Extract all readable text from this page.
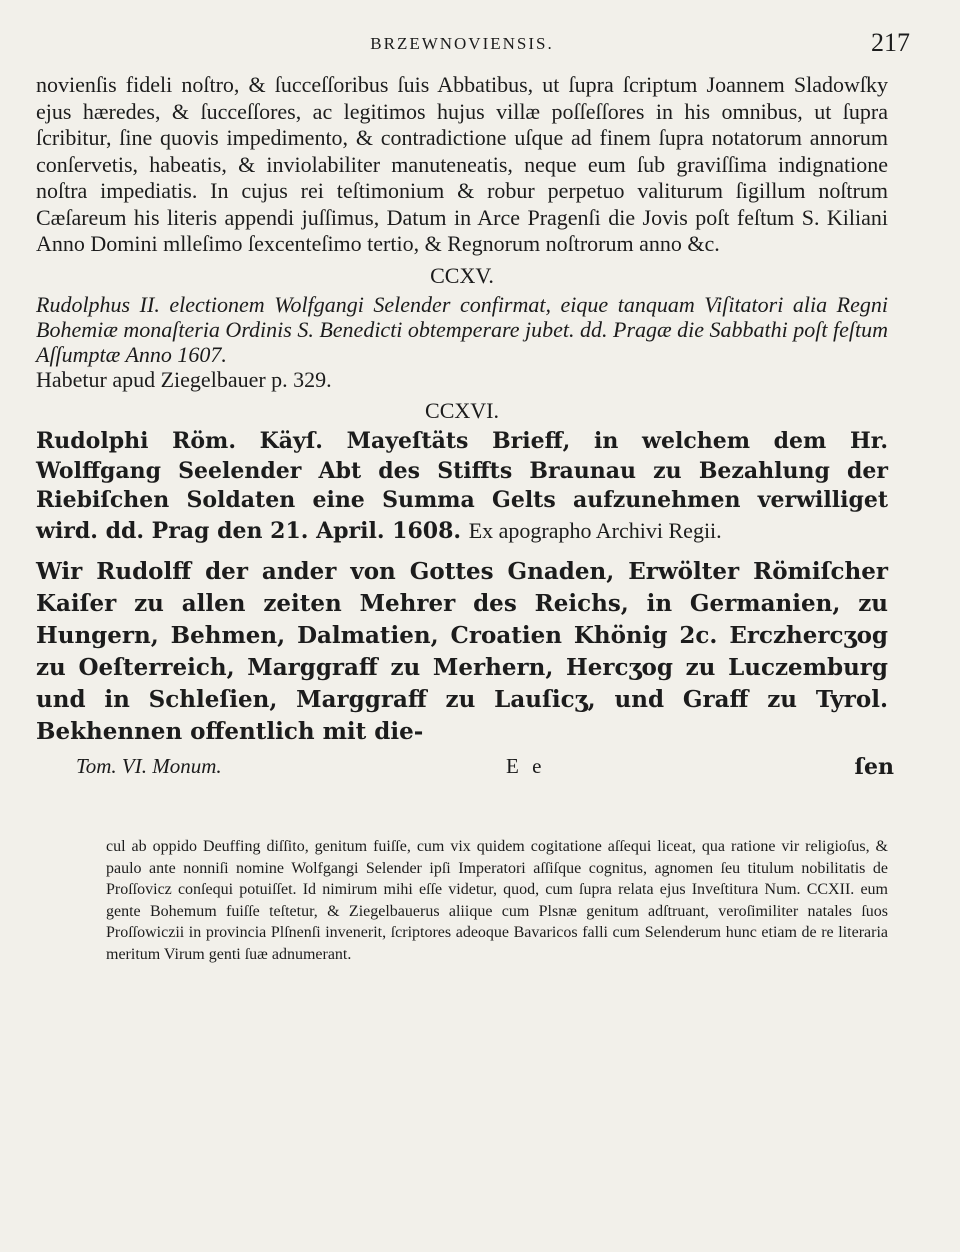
BRZEWNOVIENSIS.	217

novienſis fideli noſtro, & ſucceſſoribus ſuis Abbatibus, ut ſupra ſcriptum Joannem Sladowſky ejus hæredes, & ſucceſſores, ac legitimos hujus villæ poſſeſſores in his omnibus, ut ſupra ſcribitur, ſine quovis impedimento, & contradictione uſque ad finem ſupra notatorum annorum conſervetis, habeatis, & inviolabiliter manuteneatis, neque eum ſub graviſſima indignatione noſtra impediatis. In cujus rei teſtimonium & robur perpetuo valiturum ſigillum noſtrum Cæſareum his literis appendi juſſimus, Datum in Arce Pragenſi die Jovis poſt feſtum S. Kiliani Anno Domini mlleſimo ſexcenteſimo tertio, & Regnorum noſtrorum anno &c.

CCXV.

Rudolphus II. electionem Wolfgangi Selender confirmat, eique tanquam Viſitatori alia Regni Bohemiæ monaſteria Ordinis S. Benedicti obtemperare jubet. dd. Pragæ die Sabbathi poſt feſtum Aſſumptæ Anno 1607.

Habetur apud Ziegelbauer p. 329.

CCXVI.

Rudolphi Röm. Käyſ. Mayeſtäts Brieff, in welchem dem Hr. Wolffgang Seelender Abt des Stiffts Braunau zu Bezahlung der Riebiſchen Soldaten eine Summa Gelts aufzunehmen verwilliget wird. dd. Prag den 21. April. 1608. Ex apographo Archivi Regii.

Wir Rudolff der ander von Gottes Gnaden, Erwölter Römiſcher Kaiſer zu allen zeiten Mehrer des Reichs, in Germanien, zu Hungern, Behmen, Dalmatien, Croatien Khönig 2c. Erczhercʒog zu Oeſterreich, Marggraff zu Merhern, Hercʒog zu Luczemburg und in Schleſien, Marggraff zu Lauſicʒ, und Graff zu Tyrol. Bekhennen offentlich mit die-

Tom. VI. Monum.	E e	ſen

cul ab oppido Deuffing diſſito, genitum fuiſſe, cum vix quidem cogitatione aſſequi liceat, qua ratione vir religioſus, & paulo ante nonniſi nomine Wolfgangi Selender ipſi Imperatori aſſiſque cognitus, agnomen ſeu titulum nobilitatis de Proſſovicz conſequi potuiſſet. Id nimirum mihi eſſe videtur, quod, cum ſupra relata ejus Inveſtitura Num. CCXII. eum gente Bohemum fuiſſe teſtetur, & Ziegelbauerus aliique cum Plsnæ genitum adſtruant, veroſimiliter natales ſuos Proſſowiczii in provincia Plſnenſi invenerit, ſcriptores adeoque Bavaricos falli cum Selenderum hunc etiam de re literaria meritum Virum genti ſuæ adnumerant.
